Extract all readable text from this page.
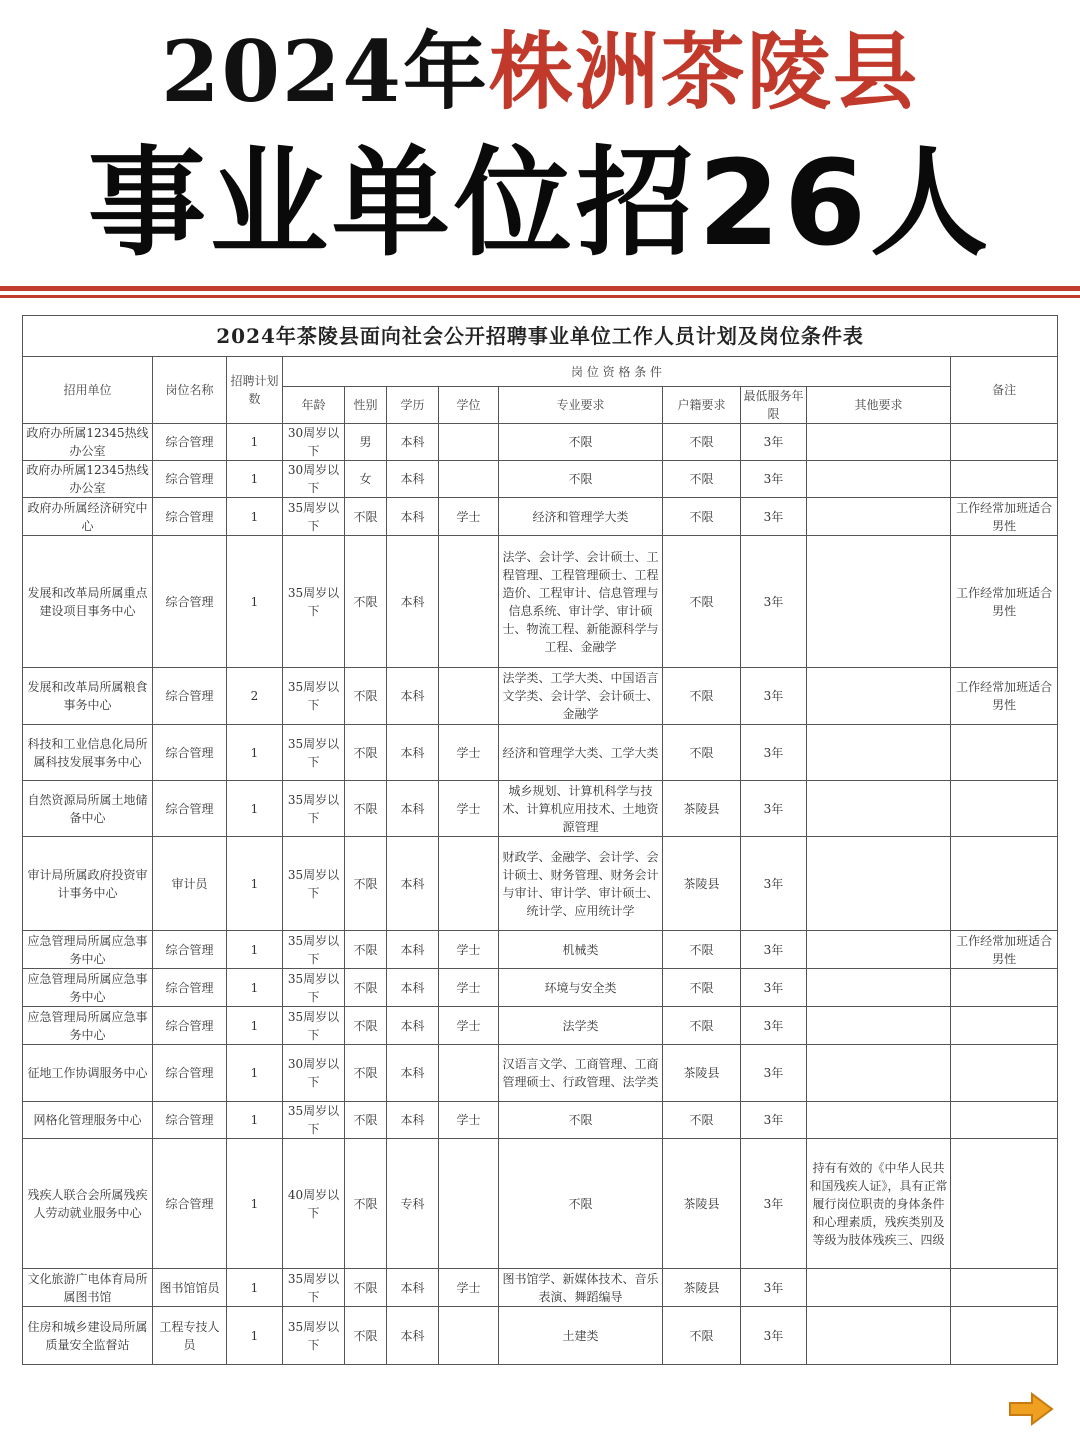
2024年株洲茶陵县
事业单位招26人
2024年茶陵县面向社会公开招聘事业单位工作人员计划及岗位条件表											
招用单位	岗位名称	招聘计划数	岗 位 资 格 条 件								备注
			年龄	性别	学历	学位	专业要求	户籍要求	最低服务年限	其他要求	
政府办所属12345热线办公室	综合管理	1	30周岁以下	男	本科		不限	不限	3年		
政府办所属12345热线办公室	综合管理	1	30周岁以下	女	本科		不限	不限	3年		
政府办所属经济研究中心	综合管理	1	35周岁以下	不限	本科	学士	经济和管理学大类	不限	3年		工作经常加班适合男性
发展和改革局所属重点建设项目事务中心	综合管理	1	35周岁以下	不限	本科		法学、会计学、会计硕士、工程管理、工程管理硕士、工程造价、工程审计、信息管理与信息系统、审计学、审计硕士、物流工程、新能源科学与工程、金融学	不限	3年		工作经常加班适合男性
发展和改革局所属粮食事务中心	综合管理	2	35周岁以下	不限	本科		法学类、工学大类、中国语言文学类、会计学、会计硕士、金融学	不限	3年		工作经常加班适合男性
科技和工业信息化局所属科技发展事务中心	综合管理	1	35周岁以下	不限	本科	学士	经济和管理学大类、工学大类	不限	3年		
自然资源局所属土地储备中心	综合管理	1	35周岁以下	不限	本科	学士	城乡规划、计算机科学与技术、计算机应用技术、土地资源管理	茶陵县	3年		
审计局所属政府投资审计事务中心	审计员	1	35周岁以下	不限	本科		财政学、金融学、会计学、会计硕士、财务管理、财务会计与审计、审计学、审计硕士、统计学、应用统计学	茶陵县	3年		
应急管理局所属应急事务中心	综合管理	1	35周岁以下	不限	本科	学士	机械类	不限	3年		工作经常加班适合男性
应急管理局所属应急事务中心	综合管理	1	35周岁以下	不限	本科	学士	环境与安全类	不限	3年		
应急管理局所属应急事务中心	综合管理	1	35周岁以下	不限	本科	学士	法学类	不限	3年		
征地工作协调服务中心	综合管理	1	30周岁以下	不限	本科		汉语言文学、工商管理、工商管理硕士、行政管理、法学类	茶陵县	3年		
网格化管理服务中心	综合管理	1	35周岁以下	不限	本科	学士	不限	不限	3年		
残疾人联合会所属残疾人劳动就业服务中心	综合管理	1	40周岁以下	不限	专科		不限	茶陵县	3年	持有有效的《中华人民共和国残疾人证》，具有正常履行岗位职责的身体条件和心理素质，残疾类别及等级为肢体残疾三、四级	
文化旅游广电体育局所属图书馆	图书馆馆员	1	35周岁以下	不限	本科	学士	图书馆学、新媒体技术、音乐表演、舞蹈编导	茶陵县	3年		
住房和城乡建设局所属质量安全监督站	工程专技人员	1	35周岁以下	不限	本科		土建类	不限	3年		
